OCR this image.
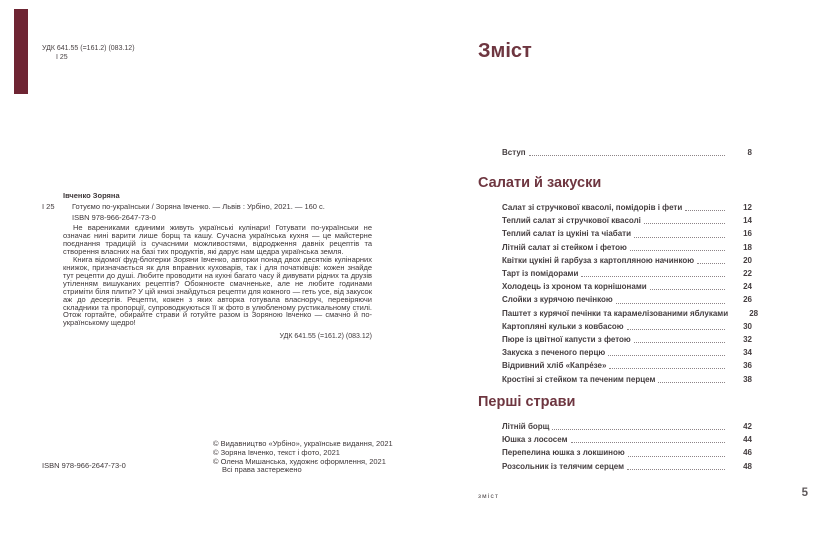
УДК 641.55 (=161.2) (083.12)
І 25
Івченко Зоряна
І 25 Готуємо по-українськи / Зоряна Івченко. — Львів : Урбіно, 2021. — 160 с.
ISBN 978-966-2647-73-0

Не варениками єдиними живуть українські кулінари! Готувати по-українськи не означає нині варити лише борщ та кашу. Сучасна українська кухня — це майстерне поєднання традицій із сучасними можливостями, відродження давніх рецептів та створення власних на базі тих продуктів, які дарує нам щедра українська земля.

Книга відомої фуд-блогерки Зоряни Івченко, авторки понад двох десятків кулінарних книжок, призначається як для вправних куховарів, так і для початківців: кожен знайде тут рецепти до душі. Любите проводити на кухні багато часу й дивувати рідних та друзів утіленням вишуканих рецептів? Обожнюєте смачненьке, але не любите годинами стриміти біля плити? У цій книзі знайдуться рецепти для кожного — геть усе, від закусок аж до десертів. Рецепти, кожен з яких авторка готувала власноруч, перевіряючи складники та пропорції, супроводжуються її ж фото в улюбленому рустикальному стилі. Отож гортайте, обирайте страви й готуйте разом із Зоряною Івченко — смачно й по-українському щедро!

УДК 641.55 (=161.2) (083.12)
© Видавництво «Урбіно», українське видання, 2021
© Зоряна Івченко, текст і фото, 2021
© Олена Мишанська, художнє оформлення, 2021
Всі права застережено
ISBN 978-966-2647-73-0
Зміст
Вступ	8
Салати й закуски
Салат зі стручкової квасолі, помідорів і фети	12
Теплий салат зі стручкової квасолі	14
Теплий салат із цукіні та чіабати	16
Літній салат зі стейком і фетою	18
Квітки цукіні й гарбуза з картопляною начинкою	20
Тарт із помідорами	22
Холодець із хроном та корнішонами	24
Слойки з курячою печінкою	26
Паштет з курячої печінки та карамелізованими яблуками	28
Картопляні кульки з ковбасою	30
Пюре із цвітної капусти з фетою	32
Закуска з печеного перцю	34
Відривний хліб «Капре́зе»	36
Кростіні зі стейком та печеним перцем	38
Перші страви
Літній борщ	42
Юшка з лососем	44
Перепелина юшка з локшиною	46
Розсольник із телячим серцем	48
зміст	5
